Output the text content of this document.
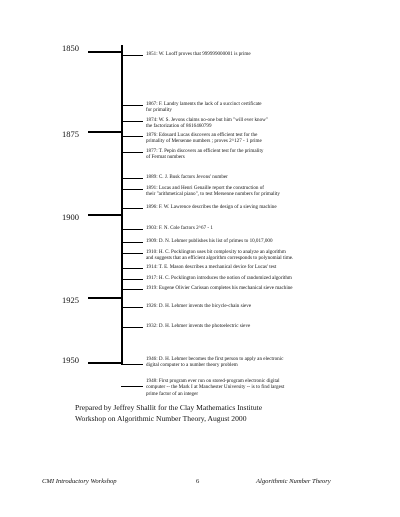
1850
1875
1900
1925
1950
1851: W. Looff proves that 999999000001 is prime
1867: F. Landry laments the lack of a succinct certificate
for primality
1874: W. S. Jevons claims no-one but him "will ever know"
the factorization of 8616460799
1876: Edouard Lucas discovers an efficient test for the
primality of Mersenne numbers ; proves 2^127 - 1 prime
1877: T. Pepin discovers an efficient test for the primality
of Fermat numbers
1889: C. J. Busk factors Jevons' number
1891: Lucas and Henri Genaille report the construction of
their "arithmetical piano", to test Mersenne numbers for primality
1896: F. W. Lawrence describes the design of a sieving machine
1903: F. N. Cole factors 2^67 - 1
1909: D. N. Lehmer publishes his list of primes to 10,017,000
1910: H. C. Pocklington uses bit complexity to analyze an algorithm
and suggests that an efficient algorithm corresponds to polynomial time.
1914: T. E. Mason describes a mechanical device for Lucas' test
1917: H. C. Pocklington introduces the notion of randomized algorithm
1919: Eugene Olivier Carissan completes his mechanical sieve machine
1926: D. H. Lehmer invents the bicycle-chain sieve
1932: D. H. Lehmer invents the photoelectric sieve
1946: D. H. Lehmer becomes the first person to apply an electronic
digital computer to a number theory problem
1948: First program ever run on stored-program electronic digital
computer -- the Mark I at Manchester University -- is to find largest
prime factor of an integer
Prepared by Jeffrey Shallit for the Clay Mathematics Institute
Workshop on Algorithmic Number Theory, August 2000
CMI Introductory Workshop	6	Algorithmic Number Theory
